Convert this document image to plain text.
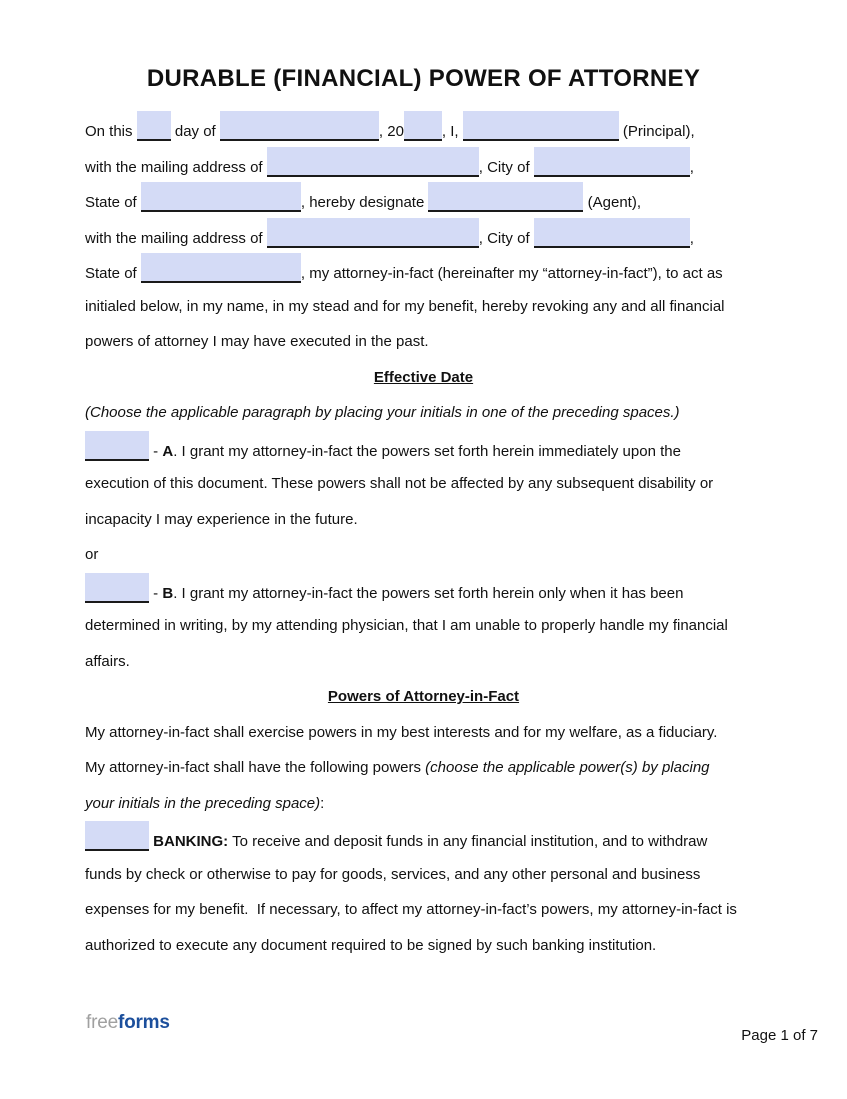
DURABLE (FINANCIAL) POWER OF ATTORNEY
On this  day of	, 20	, I,	(Principal),
with the mailing address of	, City of	,
State of	, hereby designate	(Agent),
with the mailing address of	, City of	,
State of	, my attorney-in-fact (hereinafter my “attorney-in-fact”), to act as
initialed below, in my name, in my stead and for my benefit, hereby revoking any and all financial
powers of attorney I may have executed in the past.
Effective Date
(Choose the applicable paragraph by placing your initials in one of the preceding spaces.)
- A. I grant my attorney-in-fact the powers set forth herein immediately upon the
execution of this document. These powers shall not be affected by any subsequent disability or
incapacity I may experience in the future.
or
- B. I grant my attorney-in-fact the powers set forth herein only when it has been
determined in writing, by my attending physician, that I am unable to properly handle my financial
affairs.
Powers of Attorney-in-Fact
My attorney-in-fact shall exercise powers in my best interests and for my welfare, as a fiduciary.
My attorney-in-fact shall have the following powers (choose the applicable power(s) by placing
your initials in the preceding space):
BANKING: To receive and deposit funds in any financial institution, and to withdraw
funds by check or otherwise to pay for goods, services, and any other personal and business
expenses for my benefit.  If necessary, to affect my attorney-in-fact’s powers, my attorney-in-fact is
authorized to execute any document required to be signed by such banking institution.
freeforms
Page 1 of 7
